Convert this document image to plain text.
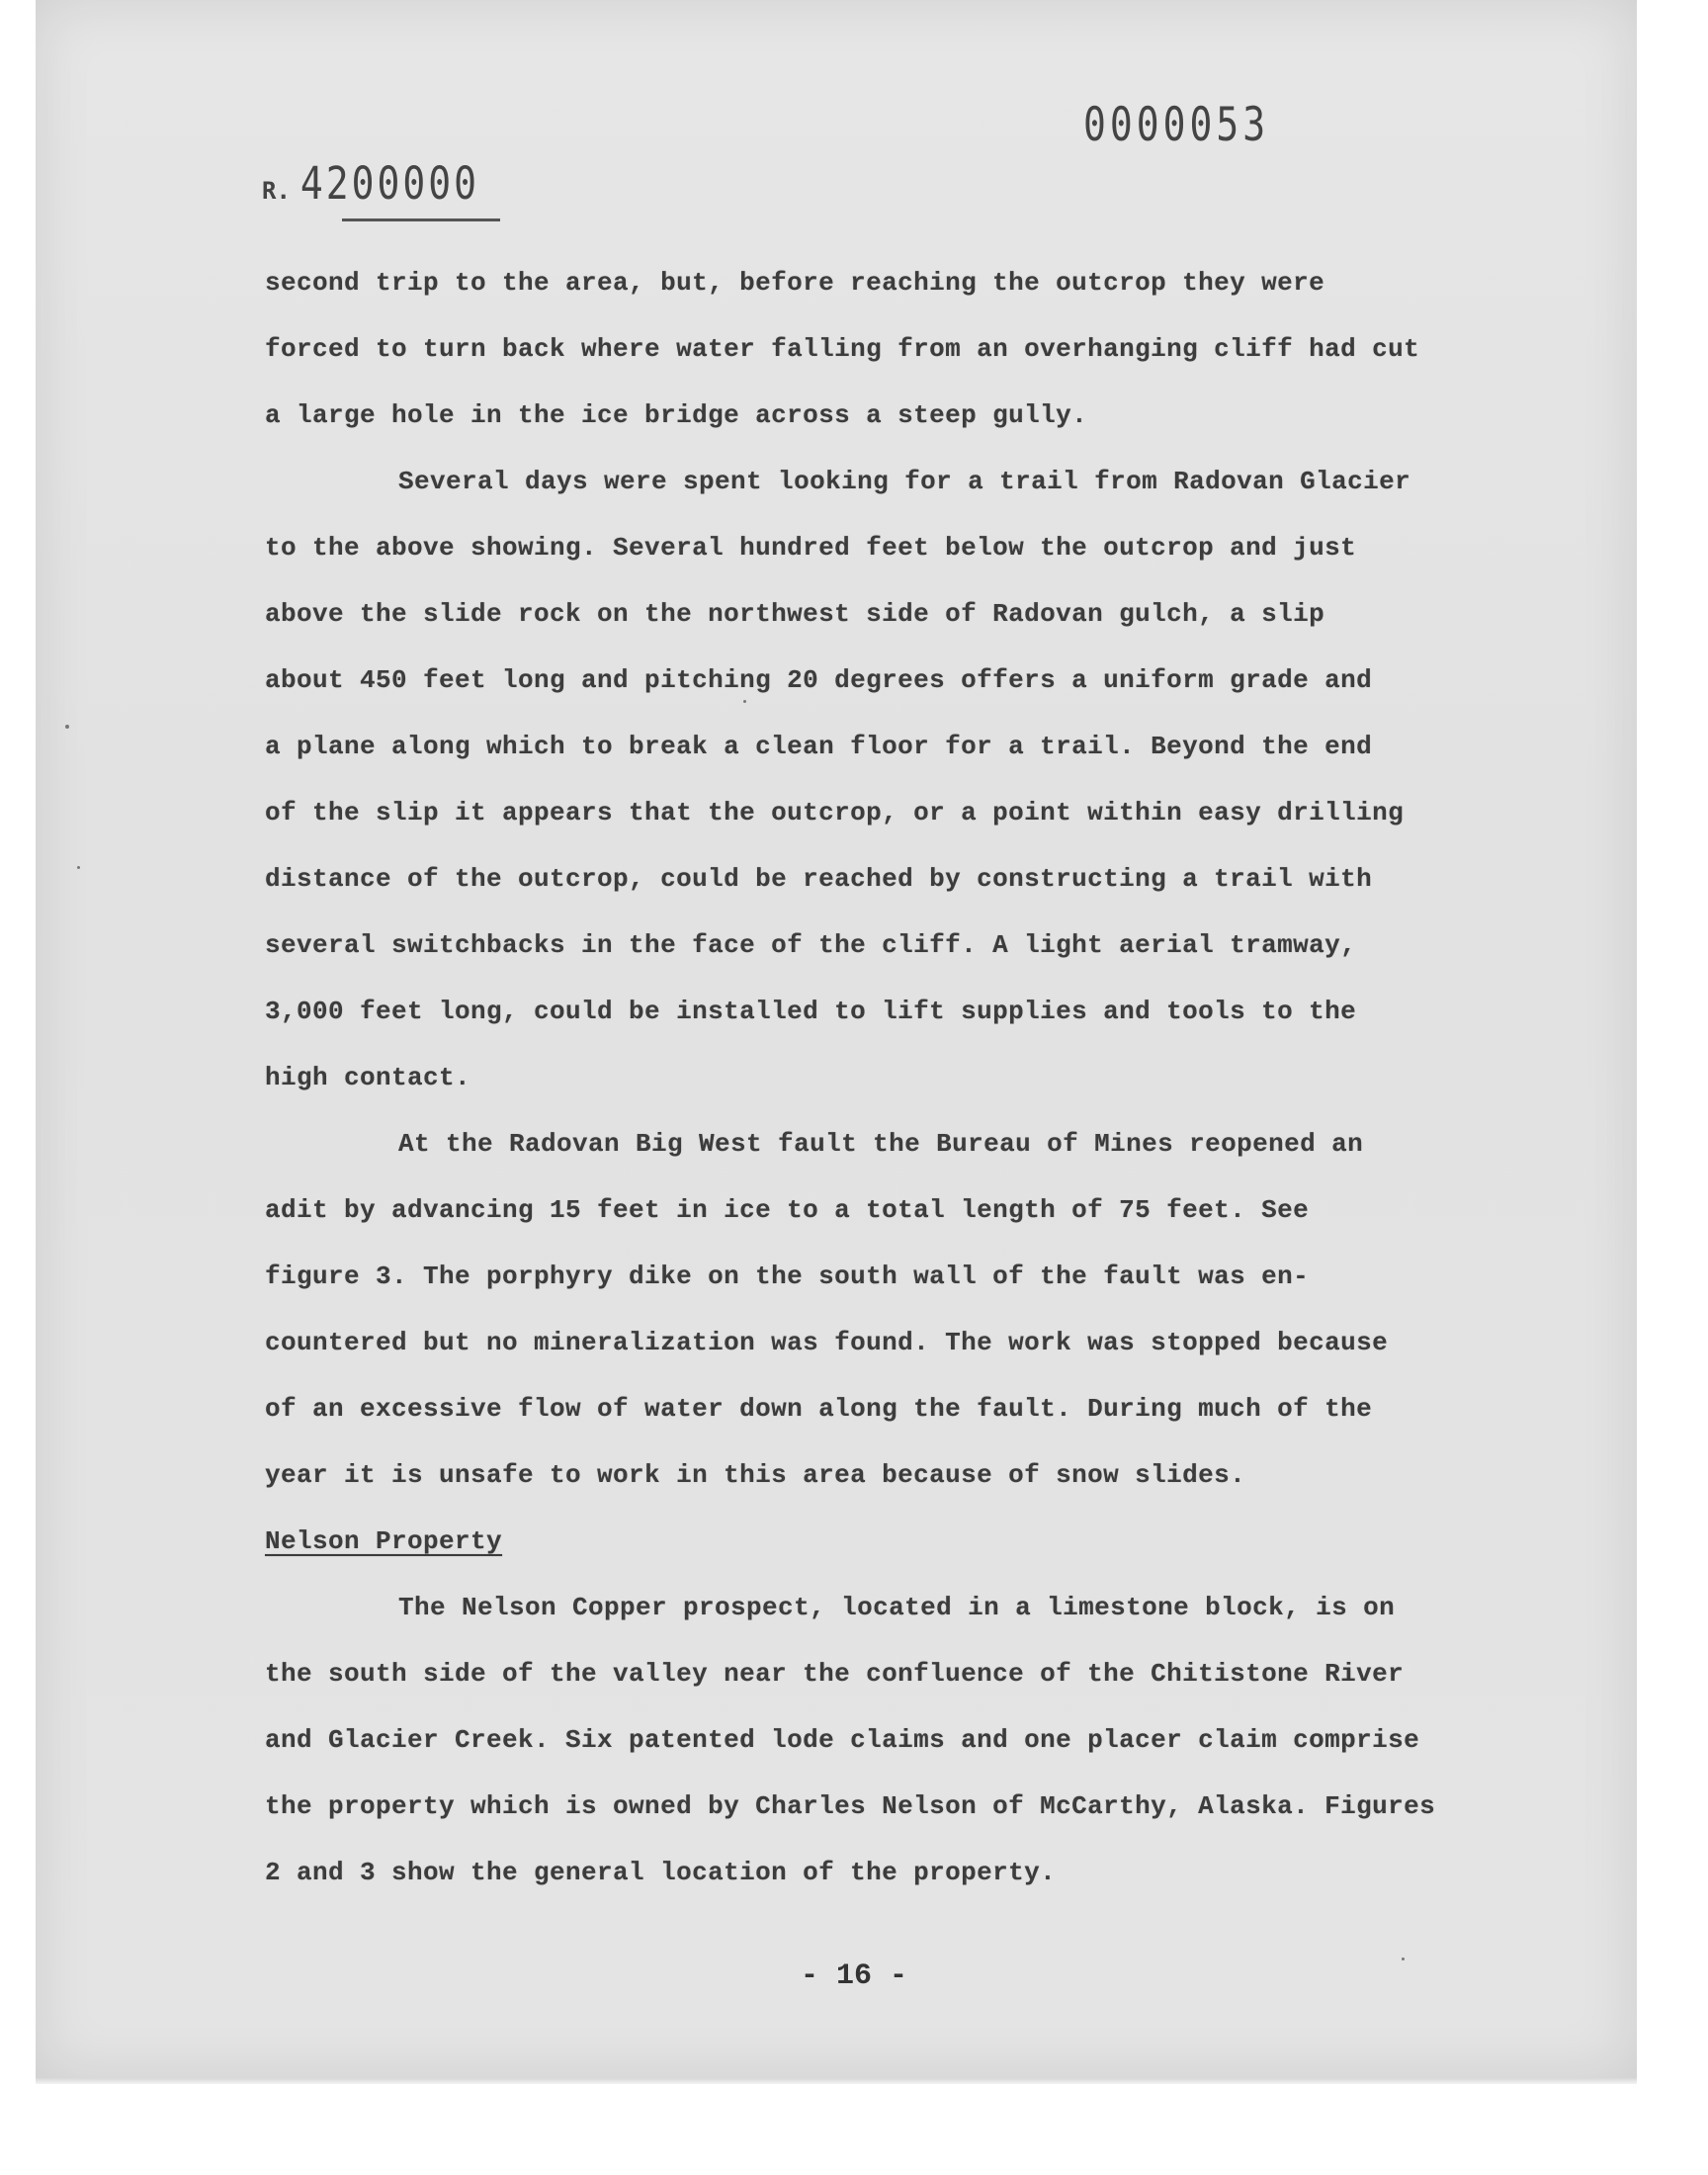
0000053
R. 4200000
second trip to the area, but, before reaching the outcrop they were
forced to turn back where water falling from an overhanging cliff had cut
a large hole in the ice bridge across a steep gully.
Several days were spent looking for a trail from Radovan Glacier
to the above showing. Several hundred feet below the outcrop and just
above the slide rock on the northwest side of Radovan gulch, a slip
about 450 feet long and pitching 20 degrees offers a uniform grade and
a plane along which to break a clean floor for a trail. Beyond the end
of the slip it appears that the outcrop, or a point within easy drilling
distance of the outcrop, could be reached by constructing a trail with
several switchbacks in the face of the cliff. A light aerial tramway,
3,000 feet long, could be installed to lift supplies and tools to the
high contact.
At the Radovan Big West fault the Bureau of Mines reopened an
adit by advancing 15 feet in ice to a total length of 75 feet. See
figure 3. The porphyry dike on the south wall of the fault was en-
countered but no mineralization was found. The work was stopped because
of an excessive flow of water down along the fault. During much of the
year it is unsafe to work in this area because of snow slides.
Nelson Property
The Nelson Copper prospect, located in a limestone block, is on
the south side of the valley near the confluence of the Chitistone River
and Glacier Creek. Six patented lode claims and one placer claim comprise
the property which is owned by Charles Nelson of McCarthy, Alaska. Figures
2 and 3 show the general location of the property.
- 16 -
